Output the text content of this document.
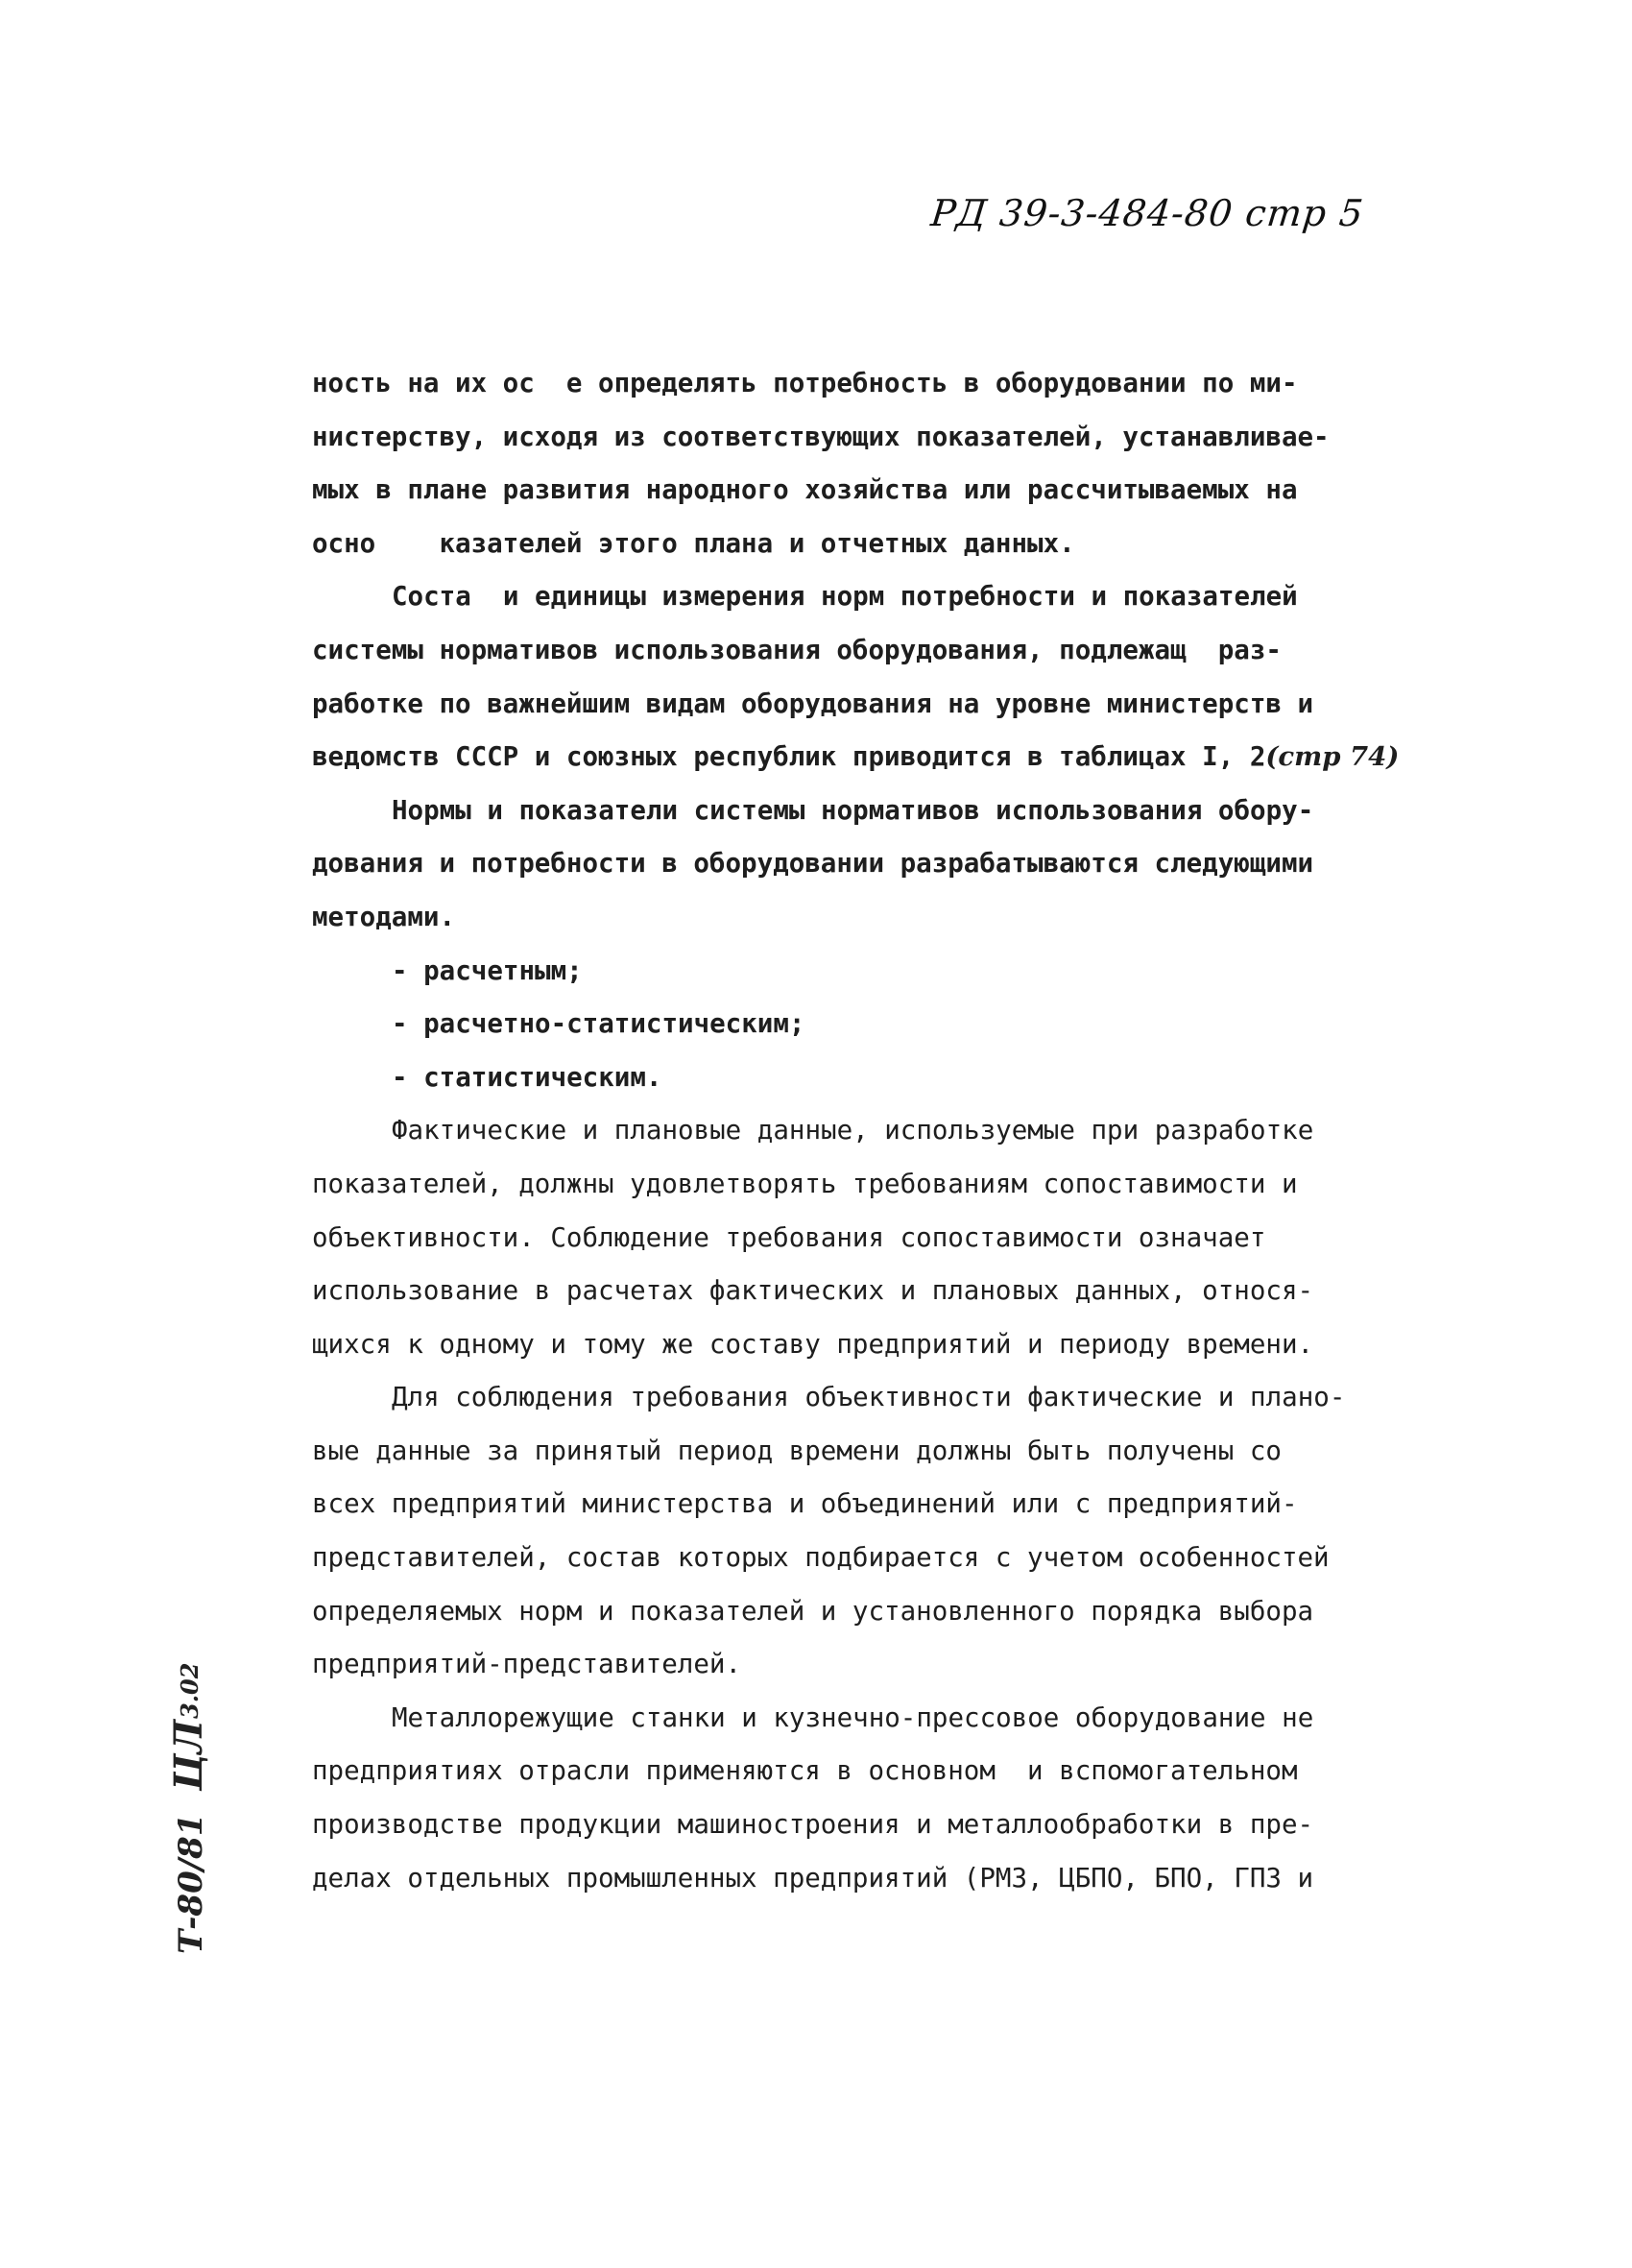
РД 39-3-484-80 стр 5
ность на их ос  е определять потребность в оборудовании по ми-
нистерству, исходя из соответствующих показателей, устанавливае-
мых в плане развития народного хозяйства или рассчитываемых на
осно    казателей этого плана и отчетных данных.
Соста  и единицы измерения норм потребности и показателей
системы нормативов использования оборудования, подлежащ  раз-
работке по важнейшим видам оборудования на уровне министерств и
ведомств СССР и союзных республик приводится в таблицах I, 2(стр 74)
Нормы и показатели системы нормативов использования обору-
дования и потребности в оборудовании разрабатываются следующими
методами.
- расчетным;
- расчетно-статистическим;
- статистическим.
Фактические и плановые данные, используемые при разработке
показателей, должны удовлетворять требованиям сопоставимости и
объективности. Соблюдение требования сопоставимости означает
использование в расчетах фактических и плановых данных, относя-
щихся к одному и тому же составу предприятий и периоду времени.
Для соблюдения требования объективности фактические и плано-
вые данные за принятый период времени должны быть получены со
всех предприятий министерства и объединений или с предприятий-
представителей, состав которых подбирается с учетом особенностей
определяемых норм и показателей и установленного порядка выбора
предприятий-представителей.
Металлорежущие станки и кузнечно-прессовое оборудование не
предприятиях отрасли применяются в основном  и вспомогательном
производстве продукции машиностроения и металлообработки в пре-
делах отдельных промышленных предприятий (РМЗ, ЦБПО, БПО, ГПЗ и
Т-80/81
ЦЛ
3.02
